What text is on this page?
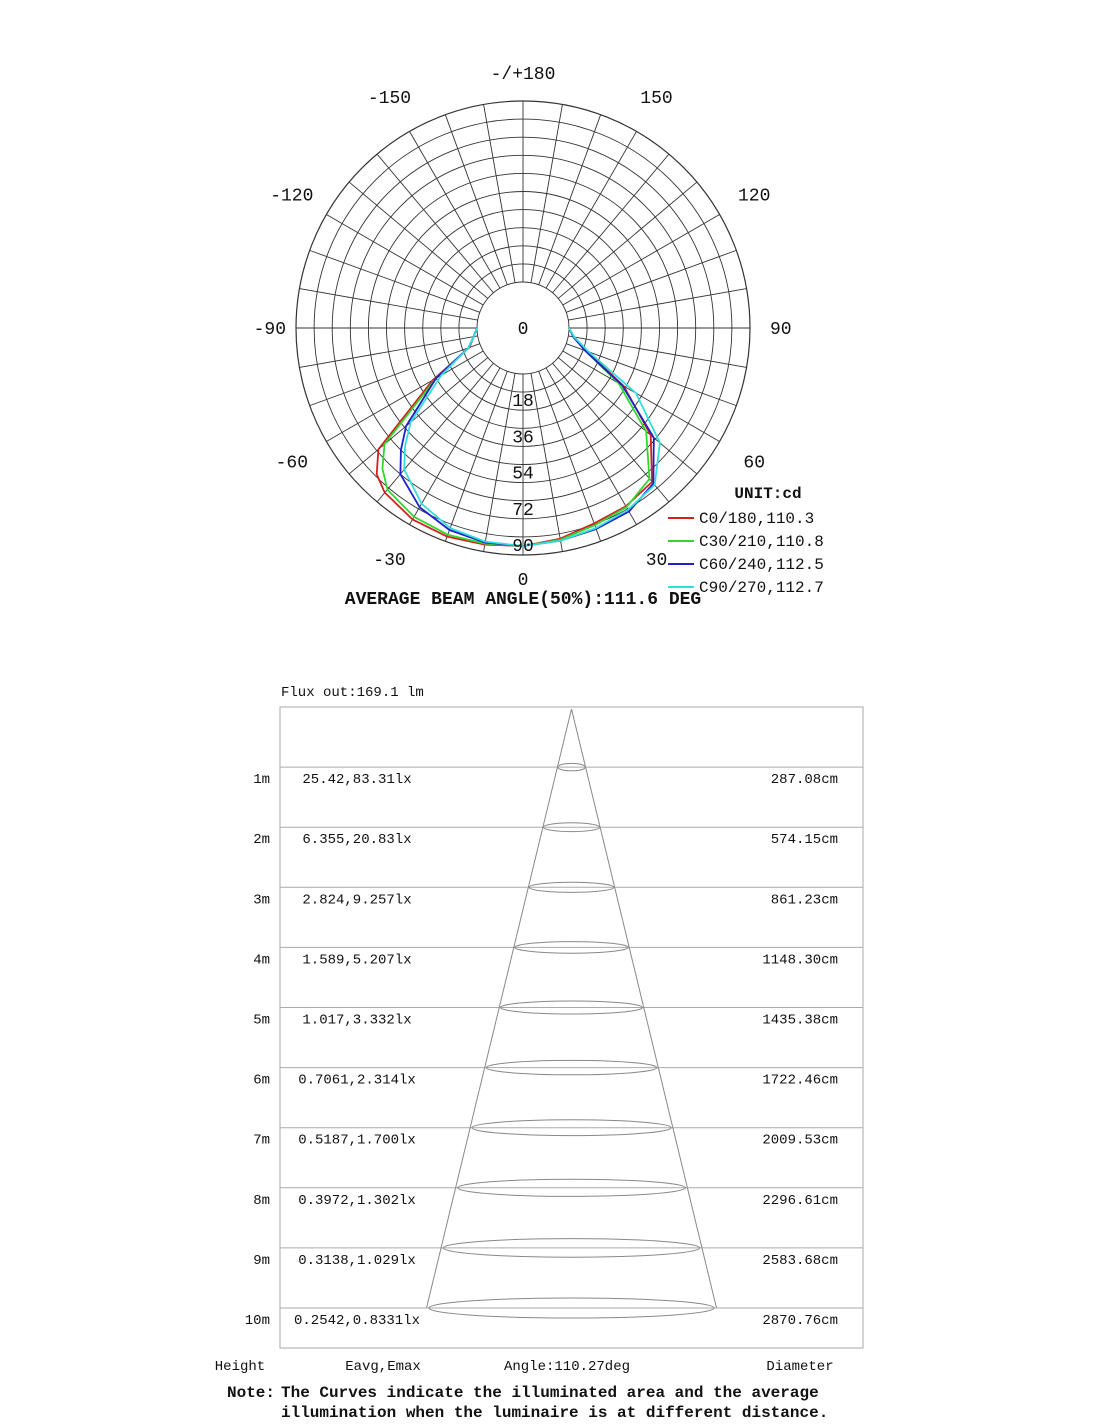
-/+180
150
-150
120
-120
90
-90
60
-60
30
-30
0
0
18
36
54
72
90
UNIT:cd
C0/180,110.3
C30/210,110.8
C60/240,112.5
C90/270,112.7
AVERAGE BEAM ANGLE(50%):111.6 DEG
Flux out:169.1 lm
1m 25.42,83.31lx	287.08cm
2m 6.355,20.83lx	574.15cm
3m 2.824,9.257lx	861.23cm
4m 1.589,5.207lx	1148.30cm
5m 1.017,3.332lx	1435.38cm
6m 0.7061,2.314lx	1722.46cm
7m 0.5187,1.700lx	2009.53cm
8m 0.3972,1.302lx	2296.61cm
9m 0.3138,1.029lx	2583.68cm
10m 0.2542,0.8331lx	2870.76cm
Height	Eavg,Emax	Angle:110.27deg	Diameter
Note: The Curves indicate the illuminated area and the average
illumination when the luminaire is at different distance.
